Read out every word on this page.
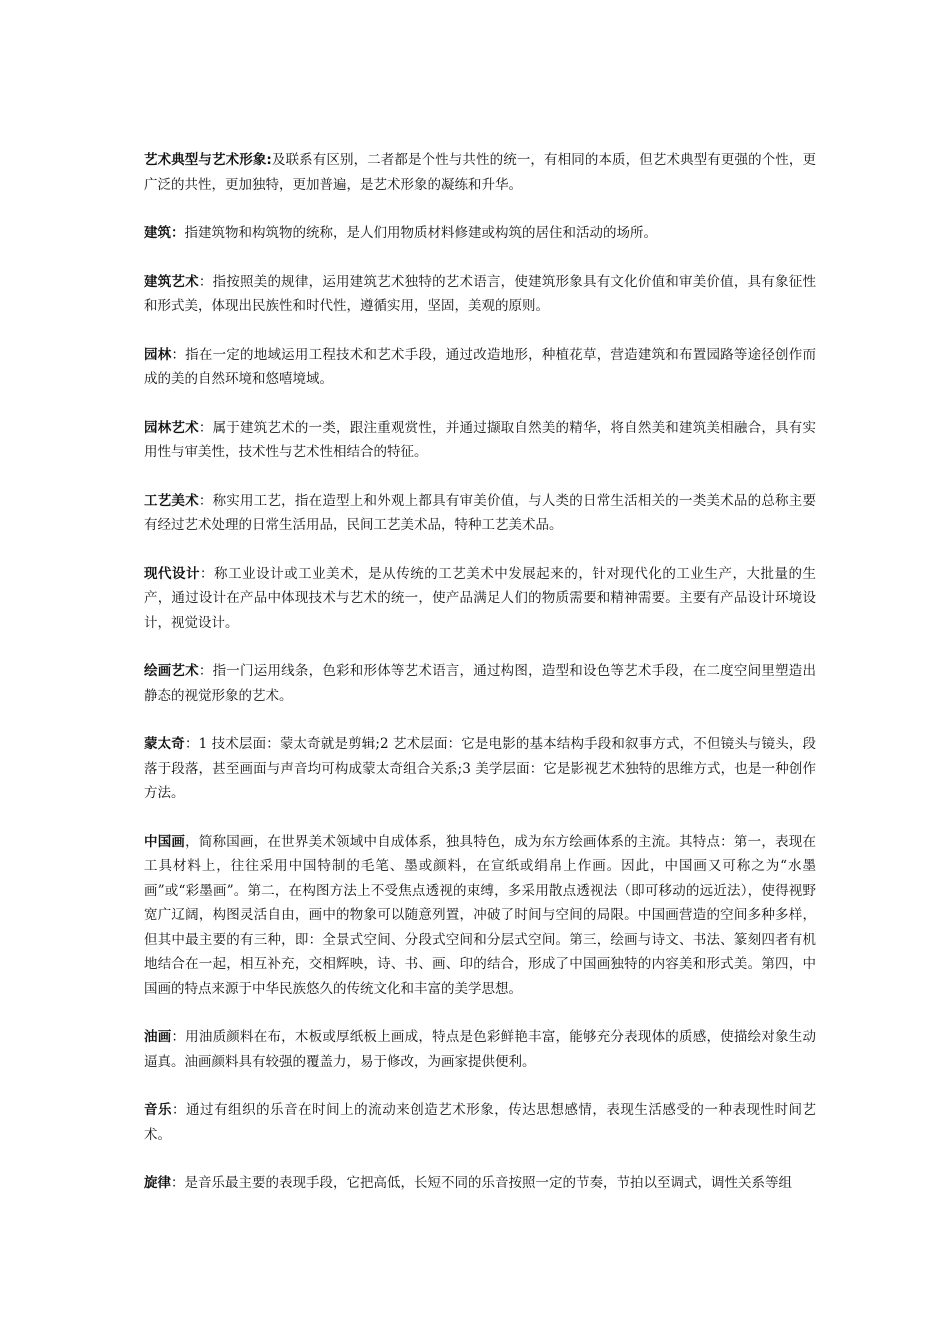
艺术典型与艺术形象:及联系有区别，二者都是个性与共性的统一，有相同的本质，但艺术典型有更强的个性，更广泛的共性，更加独特，更加普遍，是艺术形象的凝练和升华。

建筑：指建筑物和构筑物的统称，是人们用物质材料修建或构筑的居住和活动的场所。

建筑艺术：指按照美的规律，运用建筑艺术独特的艺术语言，使建筑形象具有文化价值和审美价值，具有象征性和形式美，体现出民族性和时代性，遵循实用，坚固，美观的原则。

园林：指在一定的地域运用工程技术和艺术手段，通过改造地形，种植花草，营造建筑和布置园路等途径创作而成的美的自然环境和悠嘻境域。

园林艺术：属于建筑艺术的一类，跟注重观赏性，并通过撷取自然美的精华，将自然美和建筑美相融合，具有实用性与审美性，技术性与艺术性相结合的特征。

工艺美术：称实用工艺，指在造型上和外观上都具有审美价值，与人类的日常生活相关的一类美术品的总称主要有经过艺术处理的日常生活用品，民间工艺美术品，特种工艺美术品。

现代设计：称工业设计或工业美术，是从传统的工艺美术中发展起来的，针对现代化的工业生产，大批量的生产，通过设计在产品中体现技术与艺术的统一，使产品满足人们的物质需要和精神需要。主要有产品设计环境设计，视觉设计。

绘画艺术：指一门运用线条，色彩和形体等艺术语言，通过构图，造型和设色等艺术手段，在二度空间里塑造出静态的视觉形象的艺术。

蒙太奇：1 技术层面：蒙太奇就是剪辑;2 艺术层面：它是电影的基本结构手段和叙事方式，不但镜头与镜头，段落于段落，甚至画面与声音均可构成蒙太奇组合关系;3 美学层面：它是影视艺术独特的思维方式，也是一种创作方法。

中国画，简称国画，在世界美术领域中自成体系，独具特色，成为东方绘画体系的主流。其特点：第一，表现在工具材料上，往往采用中国特制的毛笔、墨或颜料，在宣纸或绢帛上作画。因此，中国画又可称之为“水墨画”或“彩墨画”。第二，在构图方法上不受焦点透视的束缚，多采用散点透视法（即可移动的远近法），使得视野宽广辽阔，构图灵活自由，画中的物象可以随意列置，冲破了时间与空间的局限。中国画营造的空间多种多样，但其中最主要的有三种，即：全景式空间、分段式空间和分层式空间。第三，绘画与诗文、书法、篆刻四者有机地结合在一起，相互补充，交相辉映，诗、书、画、印的结合，形成了中国画独特的内容美和形式美。第四，中国画的特点来源于中华民族悠久的传统文化和丰富的美学思想。

油画：用油质颜料在布，木板或厚纸板上画成，特点是色彩鲜艳丰富，能够充分表现体的质感，使描绘对象生动逼真。油画颜料具有较强的覆盖力，易于修改，为画家提供便利。

音乐：通过有组织的乐音在时间上的流动来创造艺术形象，传达思想感情，表现生活感受的一种表现性时间艺术。

旋律：是音乐最主要的表现手段，它把高低，长短不同的乐音按照一定的节奏，节拍以至调式，调性关系等组
